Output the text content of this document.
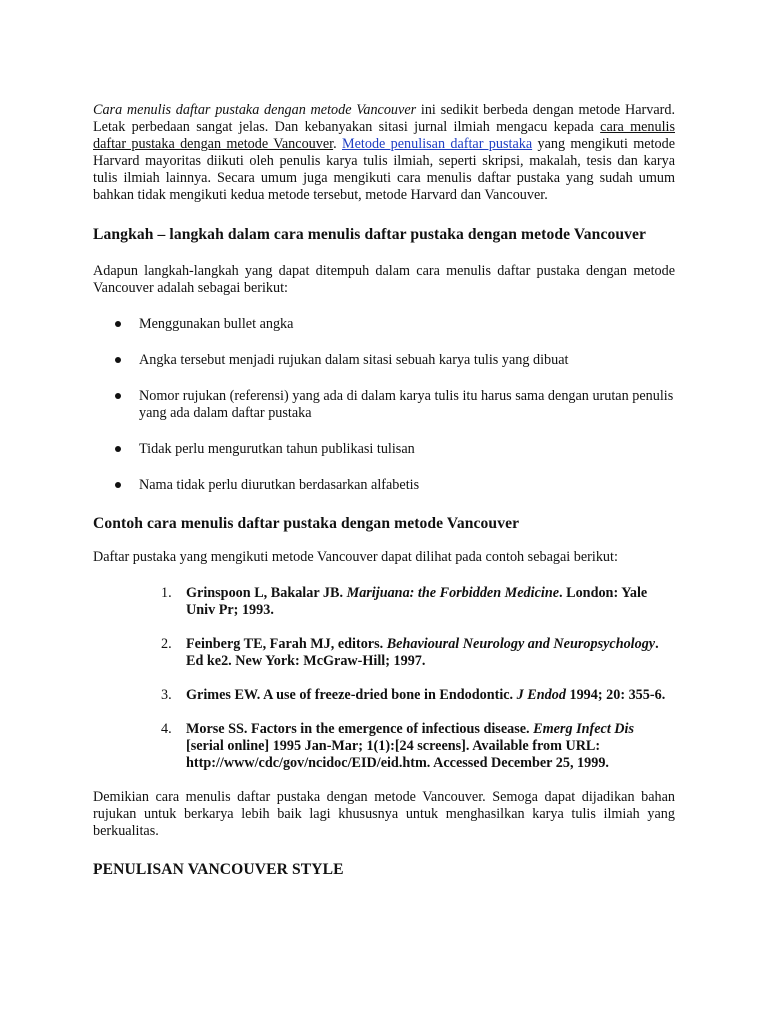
Cara menulis daftar pustaka dengan metode Vancouver ini sedikit berbeda dengan metode Harvard. Letak perbedaan sangat jelas. Dan kebanyakan sitasi jurnal ilmiah mengacu kepada cara menulis daftar pustaka dengan metode Vancouver. Metode penulisan daftar pustaka yang mengikuti metode Harvard mayoritas diikuti oleh penulis karya tulis ilmiah, seperti skripsi, makalah, tesis dan karya tulis ilmiah lainnya. Secara umum juga mengikuti cara menulis daftar pustaka yang sudah umum bahkan tidak mengikuti kedua metode tersebut, metode Harvard dan Vancouver.

Langkah – langkah dalam cara menulis daftar pustaka dengan metode Vancouver

Adapun langkah-langkah yang dapat ditempuh dalam cara menulis daftar pustaka dengan metode Vancouver adalah sebagai berikut:

Menggunakan bullet angka
Angka tersebut menjadi rujukan dalam sitasi sebuah karya tulis yang dibuat
Nomor rujukan (referensi) yang ada di dalam karya tulis itu harus sama dengan urutan penulis yang ada dalam daftar pustaka
Tidak perlu mengurutkan tahun publikasi tulisan
Nama tidak perlu diurutkan berdasarkan alfabetis
Contoh cara menulis daftar pustaka dengan metode Vancouver

Daftar pustaka yang mengikuti metode Vancouver dapat dilihat pada contoh sebagai berikut:

1. Grinspoon L, Bakalar JB. Marijuana: the Forbidden Medicine. London: Yale Univ Pr; 1993.
2. Feinberg TE, Farah MJ, editors. Behavioural Neurology and Neuropsychology. Ed ke2. New York: McGraw-Hill; 1997.
3. Grimes EW. A use of freeze-dried bone in Endodontic. J Endod 1994; 20: 355-6.
4. Morse SS. Factors in the emergence of infectious disease. Emerg Infect Dis [serial online] 1995 Jan-Mar; 1(1):[24 screens]. Available from URL: http://www/cdc/gov/ncidoc/EID/eid.htm. Accessed December 25, 1999.

Demikian cara menulis daftar pustaka dengan metode Vancouver. Semoga dapat dijadikan bahan rujukan untuk berkarya lebih baik lagi khususnya untuk menghasilkan karya tulis ilmiah yang berkualitas.

PENULISAN VANCOUVER STYLE
